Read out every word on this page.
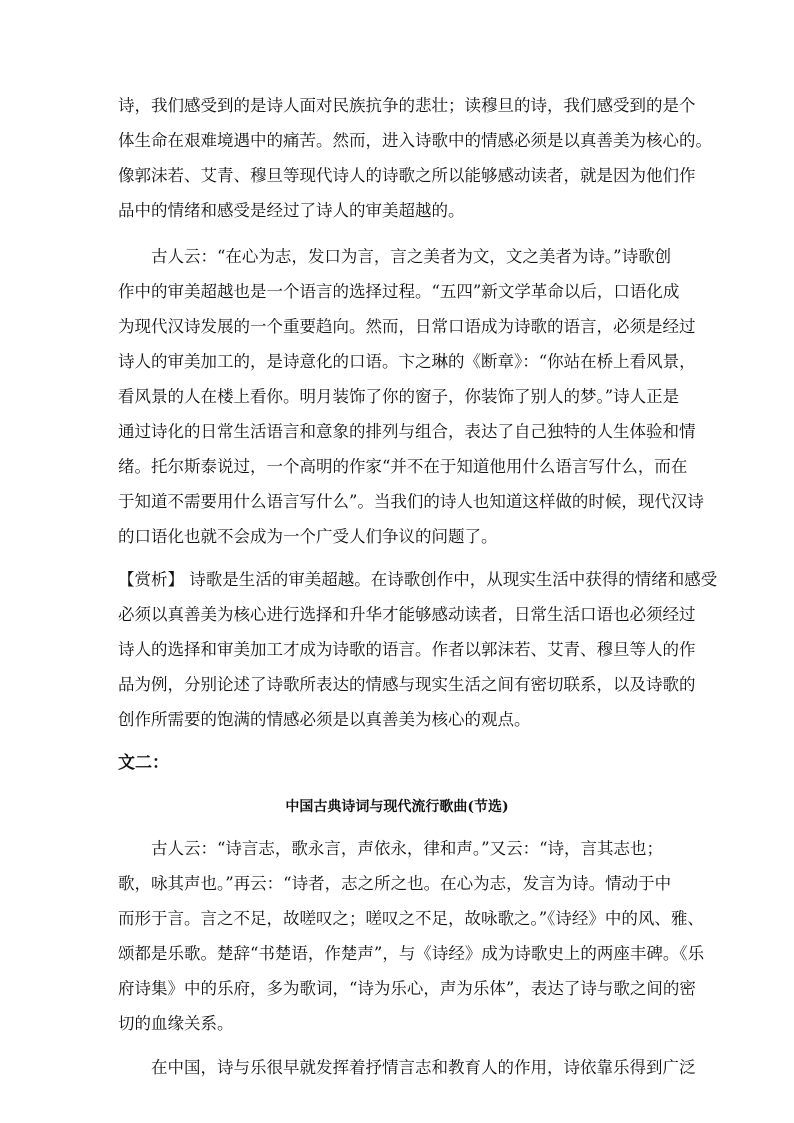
诗，我们感受到的是诗人面对民族抗争的悲壮；读穆旦的诗，我们感受到的是个
体生命在艰难境遇中的痛苦。然而，进入诗歌中的情感必须是以真善美为核心的。
像郭沫若、艾青、穆旦等现代诗人的诗歌之所以能够感动读者，就是因为他们作
品中的情绪和感受是经过了诗人的审美超越的。
古人云：“在心为志，发口为言，言之美者为文，文之美者为诗。”诗歌创
作中的审美超越也是一个语言的选择过程。“五四”新文学革命以后，口语化成
为现代汉诗发展的一个重要趋向。然而，日常口语成为诗歌的语言，必须是经过
诗人的审美加工的，是诗意化的口语。卞之琳的《断章》：“你站在桥上看风景，
看风景的人在楼上看你。明月装饰了你的窗子，你装饰了别人的梦。”诗人正是
通过诗化的日常生活语言和意象的排列与组合，表达了自己独特的人生体验和情
绪。托尔斯泰说过，一个高明的作家“并不在于知道他用什么语言写什么，而在
于知道不需要用什么语言写什么”。当我们的诗人也知道这样做的时候，现代汉诗
的口语化也就不会成为一个广受人们争议的问题了。
【赏析】 诗歌是生活的审美超越。在诗歌创作中，从现实生活中获得的情绪和感受
必须以真善美为核心进行选择和升华才能够感动读者，日常生活口语也必须经过
诗人的选择和审美加工才成为诗歌的语言。作者以郭沫若、艾青、穆旦等人的作
品为例，分别论述了诗歌所表达的情感与现实生活之间有密切联系，以及诗歌的
创作所需要的饱满的情感必须是以真善美为核心的观点。
文二：
中国古典诗词与现代流行歌曲(节选)
古人云：“诗言志，歌永言，声依永，律和声。”又云：“诗，言其志也；
歌，咏其声也。”再云：“诗者，志之所之也。在心为志，发言为诗。情动于中
而形于言。言之不足，故嗟叹之；嗟叹之不足，故咏歌之。”《诗经》中的风、雅、
颂都是乐歌。楚辞“书楚语，作楚声”，与《诗经》成为诗歌史上的两座丰碑。《乐
府诗集》中的乐府，多为歌词，“诗为乐心，声为乐体”，表达了诗与歌之间的密
切的血缘关系。
在中国，诗与乐很早就发挥着抒情言志和教育人的作用，诗依靠乐得到广泛
